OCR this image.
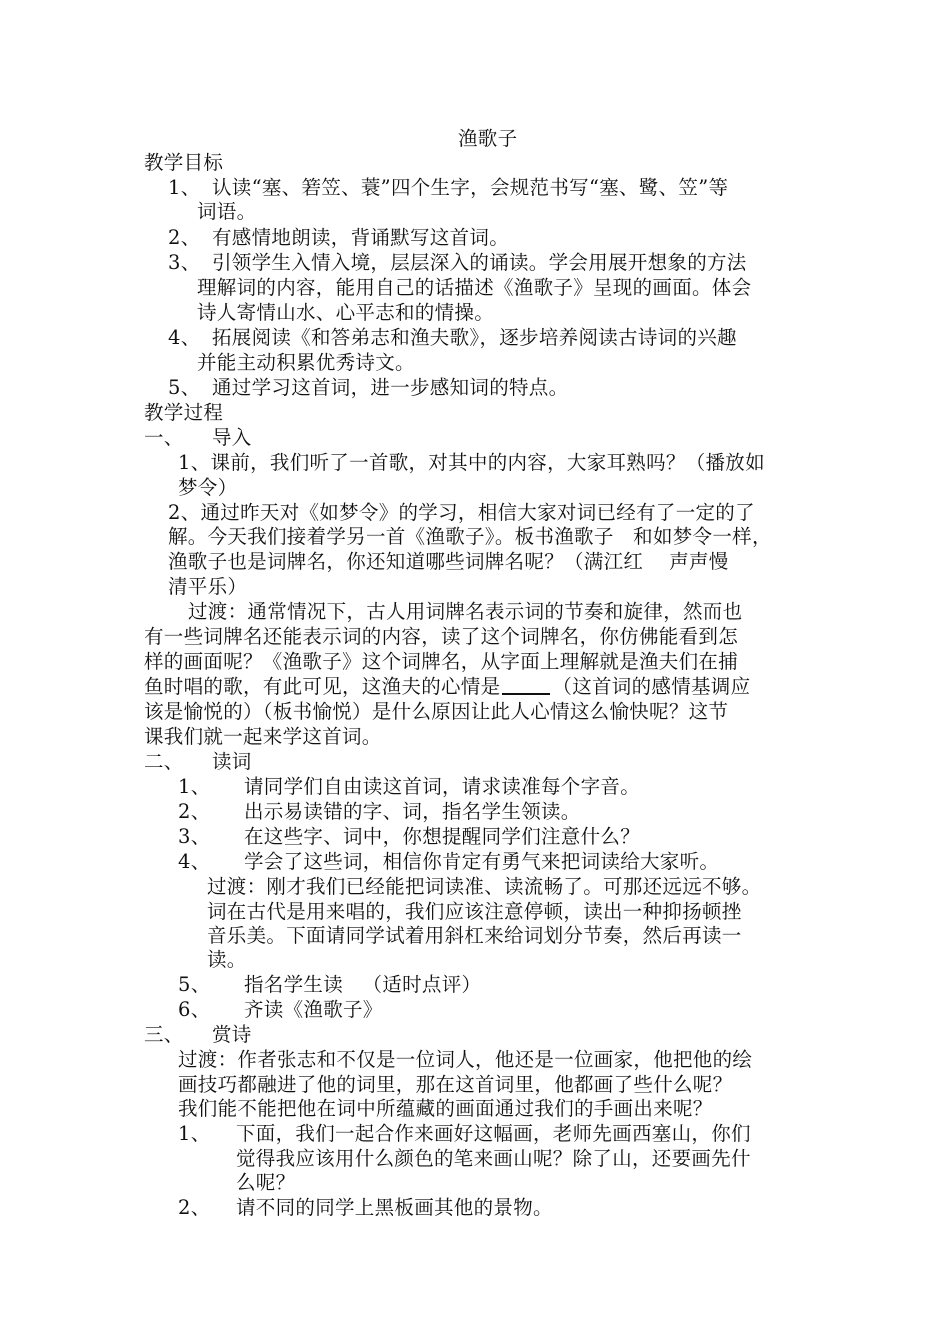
渔歌子
教学目标
1、 认读“塞、箬笠、蓑”四个生字，会规范书写“塞、鹭、笠”等
词语。
2、 有感情地朗读，背诵默写这首词。
3、 引领学生入情入境，层层深入的诵读。学会用展开想象的方法
理解词的内容，能用自己的话描述《渔歌子》呈现的画面。体会
诗人寄情山水、心平志和的情操。
4、 拓展阅读《和答弟志和渔夫歌》，逐步培养阅读古诗词的兴趣
并能主动积累优秀诗文。
5、 通过学习这首词，进一步感知词的特点。
教学过程
一、 导入
1、课前，我们听了一首歌，对其中的内容，大家耳熟吗？（播放如
梦令）
2、通过昨天对《如梦令》的学习，相信大家对词已经有了一定的了
解。今天我们接着学另一首《渔歌子》。板书渔歌子   和如梦令一样，
渔歌子也是词牌名，你还知道哪些词牌名呢？（满江红    声声慢
清平乐）
过渡：通常情况下，古人用词牌名表示词的节奏和旋律，然而也
有一些词牌名还能表示词的内容，读了这个词牌名，你仿佛能看到怎
样的画面呢？《渔歌子》这个词牌名，从字面上理解就是渔夫们在捕
鱼时唱的歌，有此可见，这渔夫的心情是	（这首词的感情基调应
该是愉悦的）（板书愉悦）是什么原因让此人心情这么愉快呢？这节
课我们就一起来学这首词。
二、 读词
1、 请同学们自由读这首词，请求读准每个字音。
2、 出示易读错的字、词，指名学生领读。
3、 在这些字、词中，你想提醒同学们注意什么？
4、 学会了这些词，相信你肯定有勇气来把词读给大家听。
过渡：刚才我们已经能把词读准、读流畅了。可那还远远不够。
词在古代是用来唱的，我们应该注意停顿，读出一种抑扬顿挫
音乐美。下面请同学试着用斜杠来给词划分节奏，然后再读一
读。
5、 指名学生读   （适时点评）
6、 齐读《渔歌子》
三、 赏诗
过渡：作者张志和不仅是一位词人，他还是一位画家，他把他的绘
画技巧都融进了他的词里，那在这首词里，他都画了些什么呢？
我们能不能把他在词中所蕴藏的画面通过我们的手画出来呢？
1、 下面，我们一起合作来画好这幅画，老师先画西塞山，你们
觉得我应该用什么颜色的笔来画山呢？除了山，还要画先什
么呢？
2、 请不同的同学上黑板画其他的景物。
